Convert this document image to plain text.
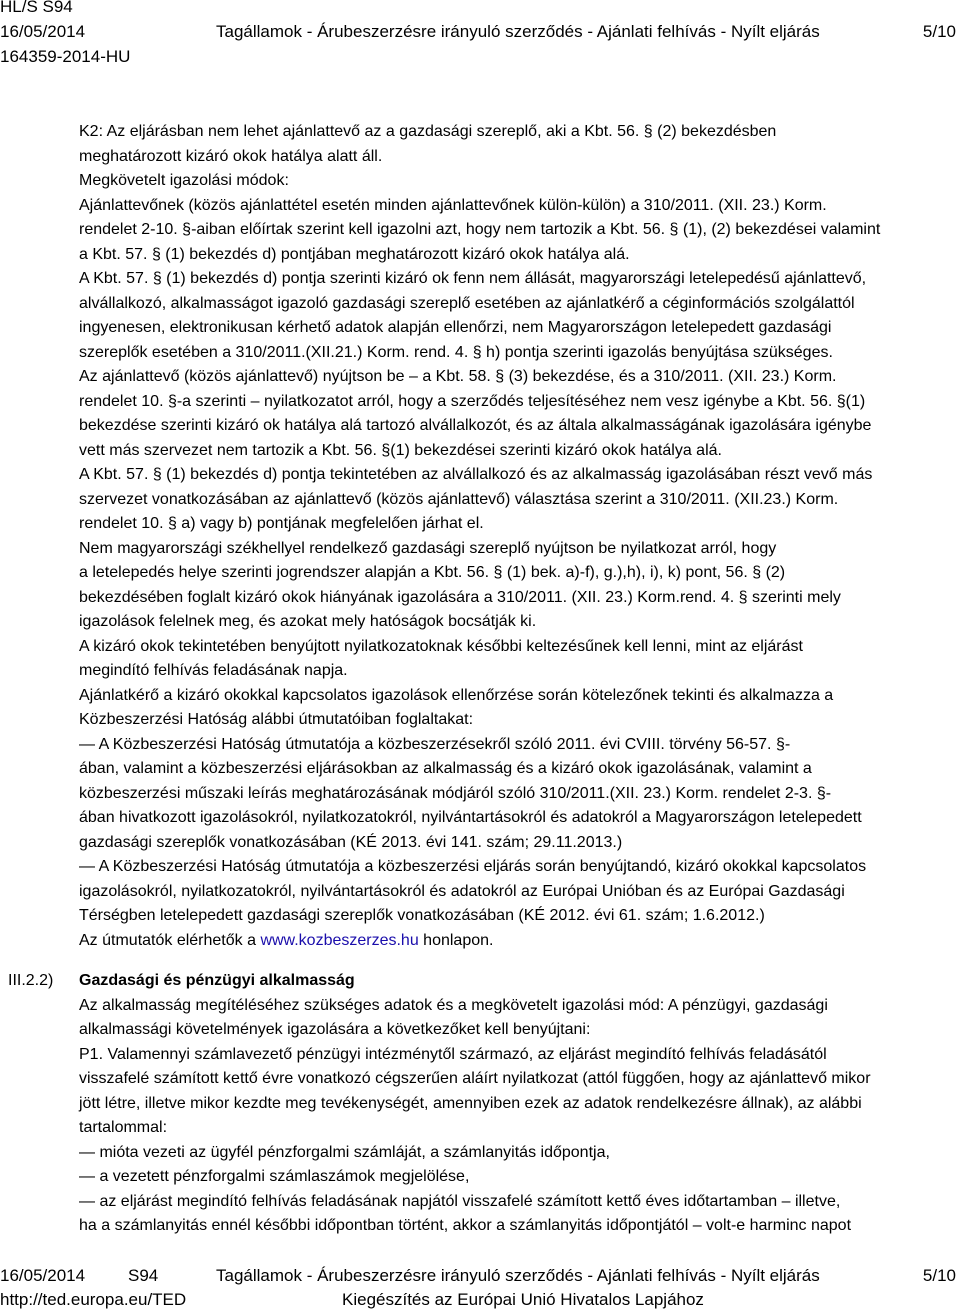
HL/S S94
16/05/2014
164359-2014-HU
Tagállamok - Árubeszerzésre irányuló szerződés - Ajánlati felhívás - Nyílt eljárás	5/10

K2: Az eljárásban nem lehet ajánlattevő az a gazdasági szereplő, aki a Kbt. 56. § (2) bekezdésben
meghatározott kizáró okok hatálya alatt áll.

Megkövetelt igazolási módok:

Ajánlattevőnek (közös ajánlattétel esetén minden ajánlattevőnek külön-külön) a 310/2011. (XII. 23.) Korm.
rendelet 2-10. §-aiban előírtak szerint kell igazolni azt, hogy nem tartozik a Kbt. 56. § (1), (2) bekezdései valamint
a Kbt. 57. § (1) bekezdés d) pontjában meghatározott kizáró okok hatálya alá.

A Kbt. 57. § (1) bekezdés d) pontja szerinti kizáró ok fenn nem állását, magyarországi letelepedésű ajánlattevő,
alvállalkozó, alkalmasságot igazoló gazdasági szereplő esetében az ajánlatkérő a céginformációs szolgálattól
ingyenesen, elektronikusan kérhető adatok alapján ellenőrzi, nem Magyarországon letelepedett gazdasági
szereplők esetében a 310/2011.(XII.21.) Korm. rend. 4. § h) pontja szerinti igazolás benyújtása szükséges.

Az ajánlattevő (közös ajánlattevő) nyújtson be – a Kbt. 58. § (3) bekezdése, és a 310/2011. (XII. 23.) Korm.
rendelet 10. §-a szerinti – nyilatkozatot arról, hogy a szerződés teljesítéséhez nem vesz igénybe a Kbt. 56. §(1)
bekezdése szerinti kizáró ok hatálya alá tartozó alvállalkozót, és az általa alkalmasságának igazolására igénybe
vett más szervezet nem tartozik a Kbt. 56. §(1) bekezdései szerinti kizáró okok hatálya alá.

A Kbt. 57. § (1) bekezdés d) pontja tekintetében az alvállalkozó és az alkalmasság igazolásában részt vevő más
szervezet vonatkozásában az ajánlattevő (közös ajánlattevő) választása szerint a 310/2011. (XII.23.) Korm.
rendelet 10. § a) vagy b) pontjának megfelelően járhat el.

Nem magyarországi székhellyel rendelkező gazdasági szereplő nyújtson be nyilatkozat arról, hogy
a letelepedés helye szerinti jogrendszer alapján a Kbt. 56. § (1) bek. a)-f), g.),h), i), k) pont, 56. § (2)
bekezdésében foglalt kizáró okok hiányának igazolására a 310/2011. (XII. 23.) Korm.rend. 4. § szerinti mely
igazolások felelnek meg, és azokat mely hatóságok bocsátják ki.

A kizáró okok tekintetében benyújtott nyilatkozatoknak későbbi keltezésűnek kell lenni, mint az eljárást
megindító felhívás feladásának napja.

Ajánlatkérő a kizáró okokkal kapcsolatos igazolások ellenőrzése során kötelezőnek tekinti és alkalmazza a
Közbeszerzési Hatóság alábbi útmutatóiban foglaltakat:

— A Közbeszerzési Hatóság útmutatója a közbeszerzésekről szóló 2011. évi CVIII. törvény 56-57. §-
ában, valamint a közbeszerzési eljárásokban az alkalmasság és a kizáró okok igazolásának, valamint a
közbeszerzési műszaki leírás meghatározásának módjáról szóló 310/2011.(XII. 23.) Korm. rendelet 2-3. §-
ában hivatkozott igazolásokról, nyilatkozatokról, nyilvántartásokról és adatokról a Magyarországon letelepedett
gazdasági szereplők vonatkozásában (KÉ 2013. évi 141. szám; 29.11.2013.)

— A Közbeszerzési Hatóság útmutatója a közbeszerzési eljárás során benyújtandó, kizáró okokkal kapcsolatos
igazolásokról, nyilatkozatokról, nyilvántartásokról és adatokról az Európai Unióban és az Európai Gazdasági
Térségben letelepedett gazdasági szereplők vonatkozásában (KÉ 2012. évi 61. szám; 1.6.2012.)

Az útmutatók elérhetők a www.kozbeszerzes.hu honlapon.

III.2.2) Gazdasági és pénzügyi alkalmasság

Az alkalmasság megítéléséhez szükséges adatok és a megkövetelt igazolási mód: A pénzügyi, gazdasági
alkalmassági követelmények igazolására a következőket kell benyújtani:

P1. Valamennyi számlavezető pénzügyi intézménytől származó, az eljárást megindító felhívás feladásától
visszafelé számított kettő évre vonatkozó cégszerűen aláírt nyilatkozat (attól függően, hogy az ajánlattevő mikor
jött létre, illetve mikor kezdte meg tevékenységét, amennyiben ezek az adatok rendelkezésre állnak), az alábbi
tartalommal:

— mióta vezeti az ügyfél pénzforgalmi számláját, a számlanyitás időpontja,

— a vezetett pénzforgalmi számlaszámok megjelölése,

— az eljárást megindító felhívás feladásának napjától visszafelé számított kettő éves időtartamban – illetve,
ha a számlanyitás ennél későbbi időpontban történt, akkor a számlanyitás időpontjától – volt-e harminc napot

16/05/2014	S94
http://ted.europa.eu/TED
Tagállamok - Árubeszerzésre irányuló szerződés - Ajánlati felhívás - Nyílt eljárás
Kiegészítés az Európai Unió Hivatalos Lapjához
5/10
